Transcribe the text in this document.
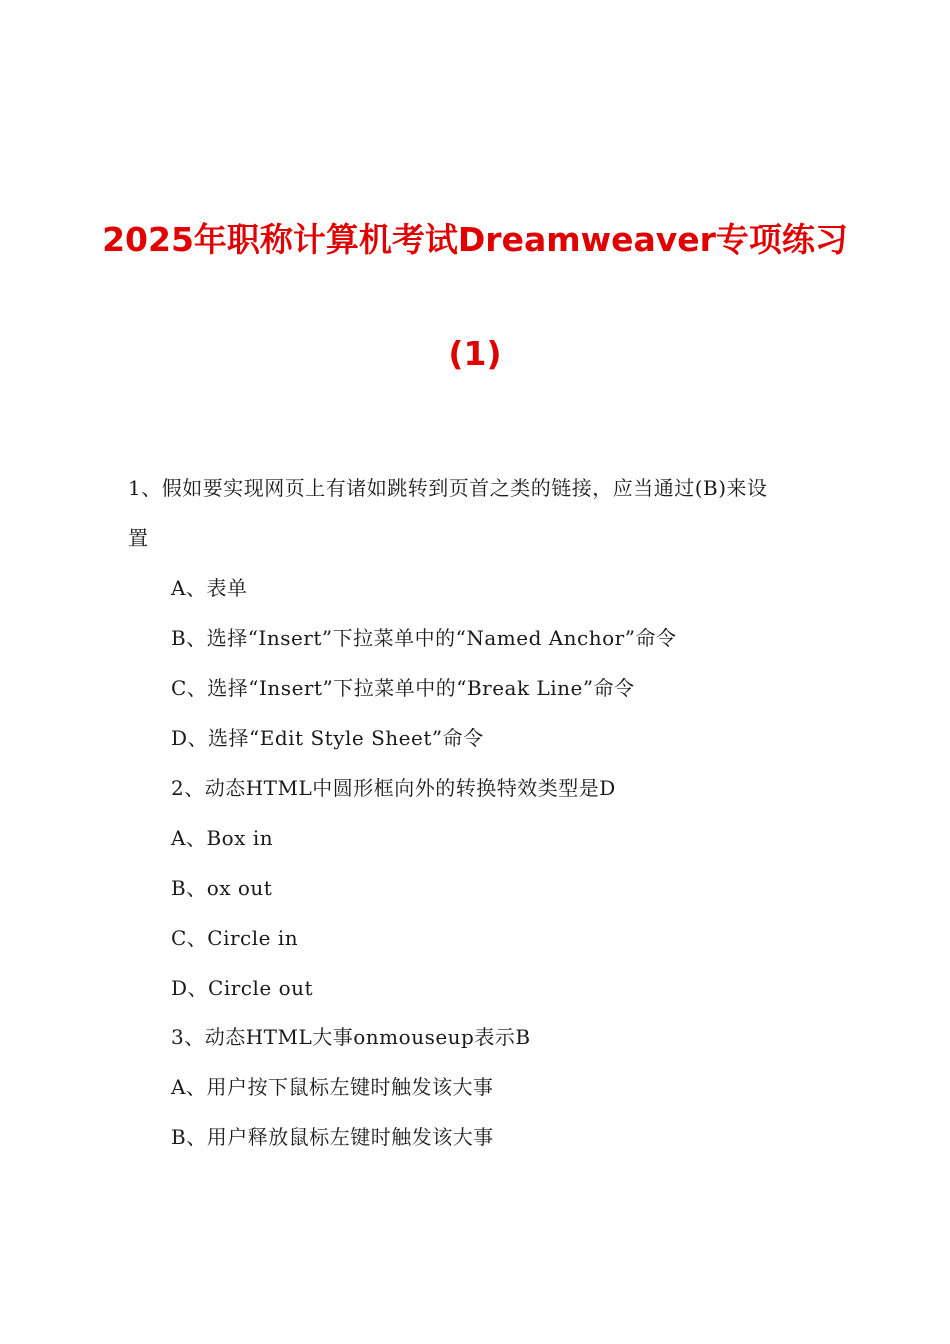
2025年职称计算机考试Dreamweaver专项练习
(1)
1、假如要实现网页上有诸如跳转到页首之类的链接，应当通过(B)来设
置
A、表单
B、选择“Insert”下拉菜单中的“Named Anchor”命令
C、选择“Insert”下拉菜单中的“Break Line”命令
D、选择“Edit Style Sheet”命令
2、动态HTML中圆形框向外的转换特效类型是D
A、Box in
B、ox out
C、Circle in
D、Circle out
3、动态HTML大事onmouseup表示B
A、用户按下鼠标左键时触发该大事
B、用户释放鼠标左键时触发该大事
